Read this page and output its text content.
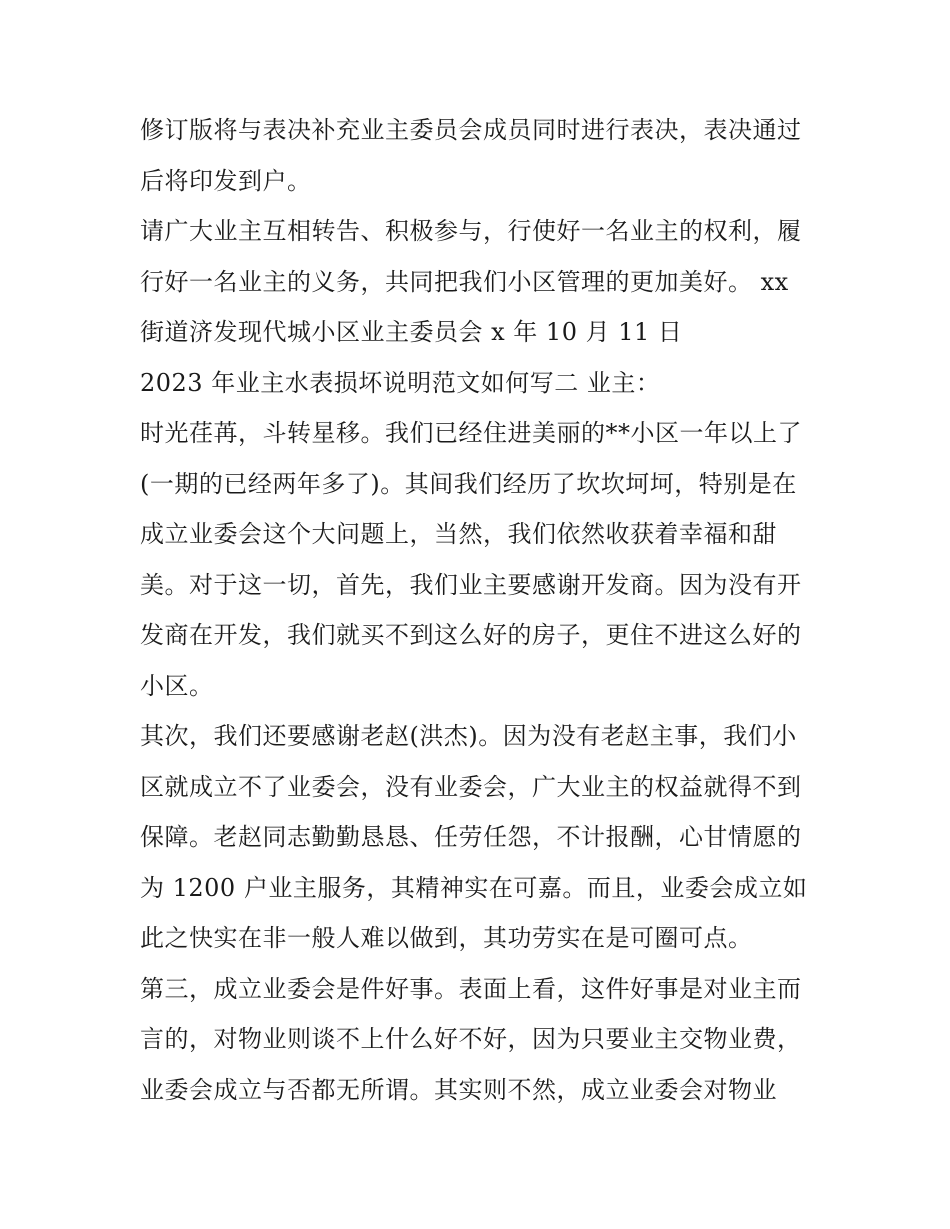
修订版将与表决补充业主委员会成员同时进行表决，表决通过
后将印发到户。
请广大业主互相转告、积极参与，行使好一名业主的权利，履
行好一名业主的义务，共同把我们小区管理的更加美好。 xx
街道济发现代城小区业主委员会 x 年 10 月 11 日
2023 年业主水表损坏说明范文如何写二 业主：
时光荏苒，斗转星移。我们已经住进美丽的**小区一年以上了
(一期的已经两年多了)。其间我们经历了坎坎坷坷，特别是在
成立业委会这个大问题上，当然，我们依然收获着幸福和甜
美。对于这一切，首先，我们业主要感谢开发商。因为没有开
发商在开发，我们就买不到这么好的房子，更住不进这么好的
小区。
其次，我们还要感谢老赵(洪杰)。因为没有老赵主事，我们小
区就成立不了业委会，没有业委会，广大业主的权益就得不到
保障。老赵同志勤勤恳恳、任劳任怨，不计报酬，心甘情愿的
为 1200 户业主服务，其精神实在可嘉。而且，业委会成立如
此之快实在非一般人难以做到，其功劳实在是可圈可点。
第三，成立业委会是件好事。表面上看，这件好事是对业主而
言的，对物业则谈不上什么好不好，因为只要业主交物业费，
业委会成立与否都无所谓。其实则不然，成立业委会对物业
